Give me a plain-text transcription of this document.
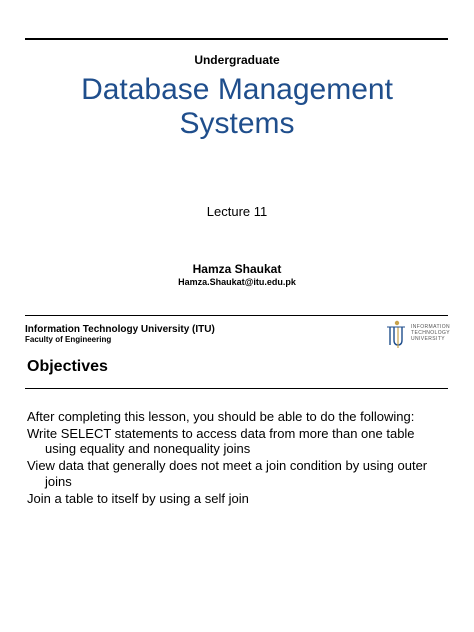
Undergraduate
Database Management
Systems
Lecture 11
Hamza Shaukat
Hamza.Shaukat@itu.edu.pk
Information Technology University (ITU)
Faculty of Engineering
INFORMATION
TECHNOLOGY
UNIVERSITY
Objectives
After completing this lesson, you should be able to do the following:
Write SELECT statements to access data from more than one table using equality and nonequality joins
View data that generally does not meet a join condition by using outer joins
Join a table to itself by using a self join
